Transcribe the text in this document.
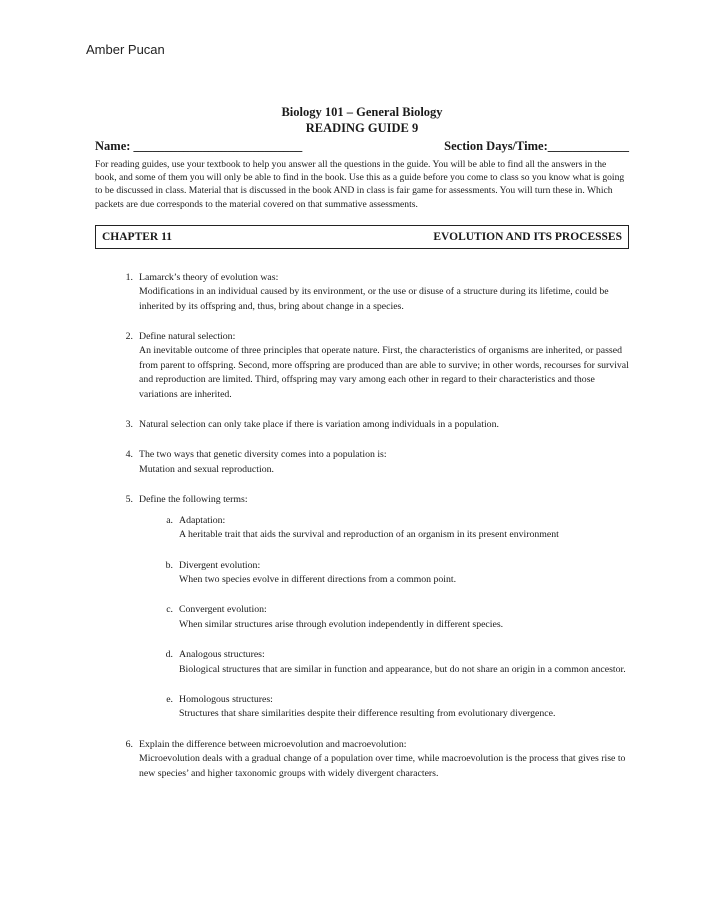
Amber Pucan
Biology 101 – General Biology
READING GUIDE 9
Name: ___________________________	Section Days/Time:_____________
For reading guides, use your textbook to help you answer all the questions in the guide. You will be able to find all the answers in the book, and some of them you will only be able to find in the book. Use this as a guide before you come to class so you know what is going to be discussed in class. Material that is discussed in the book AND in class is fair game for assessments. You will turn these in. Which packets are due corresponds to the material covered on that summative assessments.
CHAPTER 11	EVOLUTION AND ITS PROCESSES
1. Lamarck’s theory of evolution was:
Modifications in an individual caused by its environment, or the use or disuse of a structure during its lifetime, could be inherited by its offspring and, thus, bring about change in a species.
2. Define natural selection:
An inevitable outcome of three principles that operate nature. First, the characteristics of organisms are inherited, or passed from parent to offspring. Second, more offspring are produced than are able to survive; in other words, recourses for survival and reproduction are limited. Third, offspring may vary among each other in regard to their characteristics and those variations are inherited.
3. Natural selection can only take place if there is variation among individuals in a population.
4. The two ways that genetic diversity comes into a population is:
Mutation and sexual reproduction.
5. Define the following terms:
a. Adaptation:
A heritable trait that aids the survival and reproduction of an organism in its present environment
b. Divergent evolution:
When two species evolve in different directions from a common point.
c. Convergent evolution:
When similar structures arise through evolution independently in different species.
d. Analogous structures:
Biological structures that are similar in function and appearance, but do not share an origin in a common ancestor.
e. Homologous structures:
Structures that share similarities despite their difference resulting from evolutionary divergence.
6. Explain the difference between microevolution and macroevolution:
Microevolution deals with a gradual change of a population over time, while macroevolution is the process that gives rise to new species’ and higher taxonomic groups with widely divergent characters.
